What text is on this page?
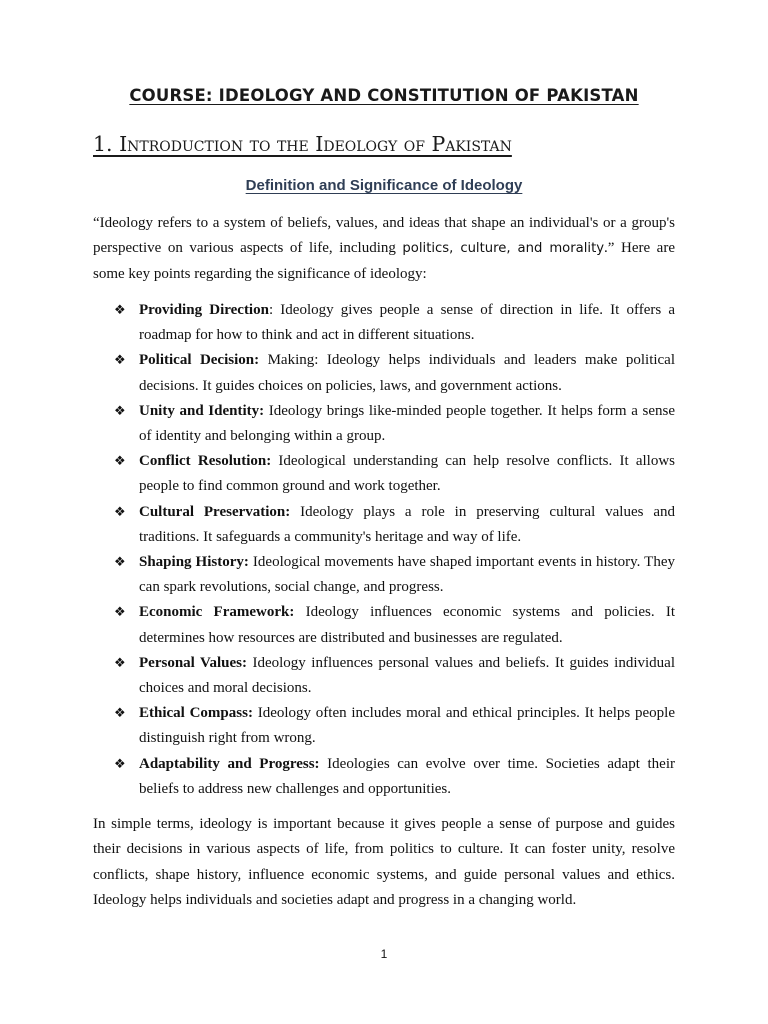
COURSE: IDEOLOGY AND CONSTITUTION OF PAKISTAN
1. Introduction to the Ideology of Pakistan
Definition and Significance of Ideology

“Ideology refers to a system of beliefs, values, and ideas that shape an individual's or a group's perspective on various aspects of life, including politics, culture, and morality.” Here are some key points regarding the significance of ideology:

❖ Providing Direction: Ideology gives people a sense of direction in life. It offers a roadmap for how to think and act in different situations.
❖ Political Decision: Making: Ideology helps individuals and leaders make political decisions. It guides choices on policies, laws, and government actions.
❖ Unity and Identity: Ideology brings like-minded people together. It helps form a sense of identity and belonging within a group.
❖ Conflict Resolution: Ideological understanding can help resolve conflicts. It allows people to find common ground and work together.
❖ Cultural Preservation: Ideology plays a role in preserving cultural values and traditions. It safeguards a community's heritage and way of life.
❖ Shaping History: Ideological movements have shaped important events in history. They can spark revolutions, social change, and progress.
❖ Economic Framework: Ideology influences economic systems and policies. It determines how resources are distributed and businesses are regulated.
❖ Personal Values: Ideology influences personal values and beliefs. It guides individual choices and moral decisions.
❖ Ethical Compass: Ideology often includes moral and ethical principles. It helps people distinguish right from wrong.
❖ Adaptability and Progress: Ideologies can evolve over time. Societies adapt their beliefs to address new challenges and opportunities.

In simple terms, ideology is important because it gives people a sense of purpose and guides their decisions in various aspects of life, from politics to culture. It can foster unity, resolve conflicts, shape history, influence economic systems, and guide personal values and ethics. Ideology helps individuals and societies adapt and progress in a changing world.

1
